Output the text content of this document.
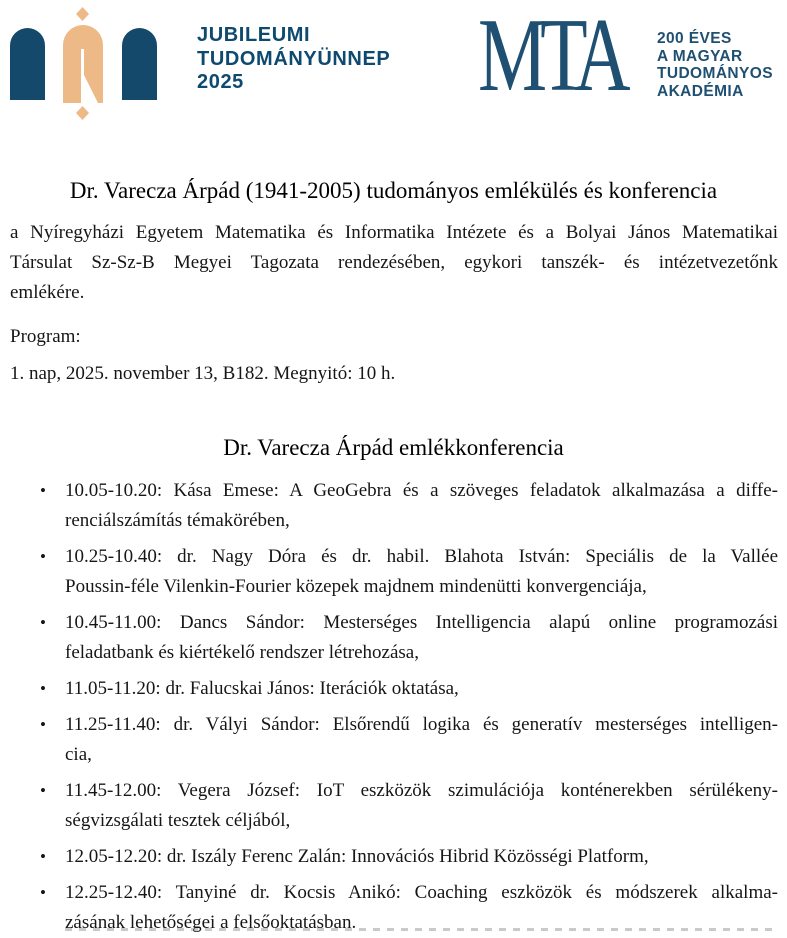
JUBILEUMI
TUDOMÁNYÜNNEP
2025	MTA 200 ÉVES
A MAGYAR
TUDOMÁNYOS
AKADÉMIA
Dr. Varecza Árpád (1941-2005) tudományos emlékülés és konferencia
a Nyíregyházi Egyetem Matematika és Informatika Intézete és a Bolyai János Matematikai
Társulat Sz-Sz-B Megyei Tagozata rendezésében, egykori tanszék- és intézetvezetőnk
emlékére.
Program:
1. nap, 2025. november 13, B182. Megnyitó: 10 h.
Dr. Varecza Árpád emlékkonferencia
• 10.05-10.20: Kása Emese: A GeoGebra és a szöveges feladatok alkalmazása a diffe-
renciálszámítás témakörében,
• 10.25-10.40: dr. Nagy Dóra és dr. habil. Blahota István: Speciális de la Vallée
Poussin-féle Vilenkin-Fourier közepek majdnem mindenütti konvergenciája,
• 10.45-11.00: Dancs Sándor: Mesterséges Intelligencia alapú online programozási
feladatbank és kiértékelő rendszer létrehozása,
• 11.05-11.20: dr. Falucskai János: Iterációk oktatása,
• 11.25-11.40: dr. Vályi Sándor: Elsőrendű logika és generatív mesterséges intelligen-
cia,
• 11.45-12.00: Vegera József: IoT eszközök szimulációja konténerekben sérülékeny-
ségvizsgálati tesztek céljából,
• 12.05-12.20: dr. Iszály Ferenc Zalán: Innovációs Hibrid Közösségi Platform,
• 12.25-12.40: Tanyiné dr. Kocsis Anikó: Coaching eszközök és módszerek alkalma-
zásának lehetőségei a felsőoktatásban.
